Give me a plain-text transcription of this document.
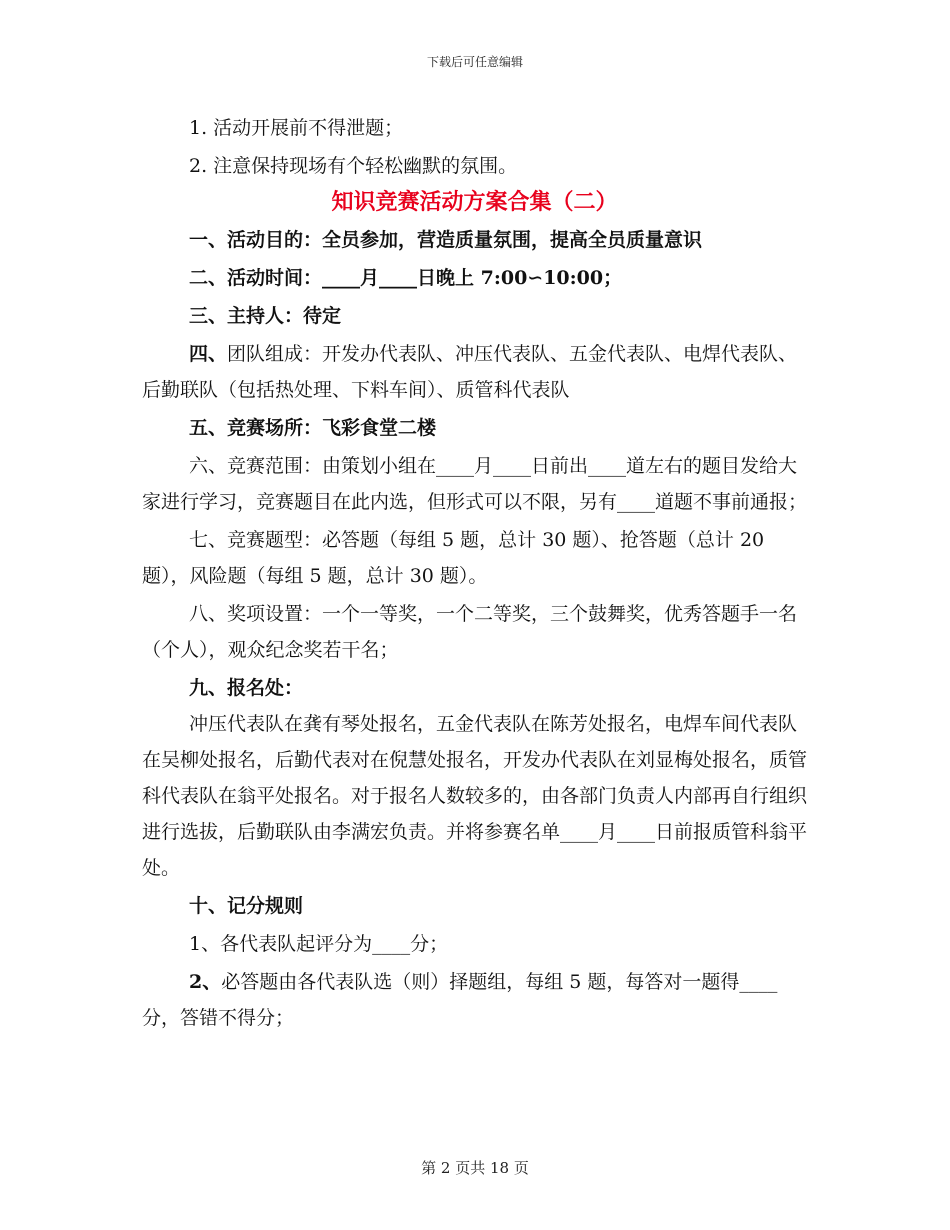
下载后可任意编辑

1. 活动开展前不得泄题；

2. 注意保持现场有个轻松幽默的氛围。

知识竞赛活动方案合集（二）

一、活动目的：全员参加，营造质量氛围，提高全员质量意识

二、活动时间：____月____日晚上 7:00∽10:00；

三、主持人：待定

四、团队组成：开发办代表队、冲压代表队、五金代表队、电焊代表队、后勤联队（包括热处理、下料车间）、质管科代表队

五、竞赛场所：飞彩食堂二楼

六、竞赛范围：由策划小组在____月____日前出____道左右的题目发给大家进行学习，竞赛题目在此内选，但形式可以不限，另有____道题不事前通报；

七、竞赛题型：必答题（每组 5 题，总计 30 题）、抢答题（总计 20 题），风险题（每组 5 题，总计 30 题）。

八、奖项设置：一个一等奖，一个二等奖，三个鼓舞奖，优秀答题手一名（个人），观众纪念奖若干名；

九、报名处：

冲压代表队在龚有琴处报名，五金代表队在陈芳处报名，电焊车间代表队在吴柳处报名，后勤代表对在倪慧处报名，开发办代表队在刘显梅处报名，质管科代表队在翁平处报名。对于报名人数较多的，由各部门负责人内部再自行组织进行选拔，后勤联队由李满宏负责。并将参赛名单____月____日前报质管科翁平处。

十、记分规则

1、各代表队起评分为____分；

2、必答题由各代表队选（则）择题组，每组 5 题，每答对一题得____分，答错不得分；

第 2 页共 18 页
